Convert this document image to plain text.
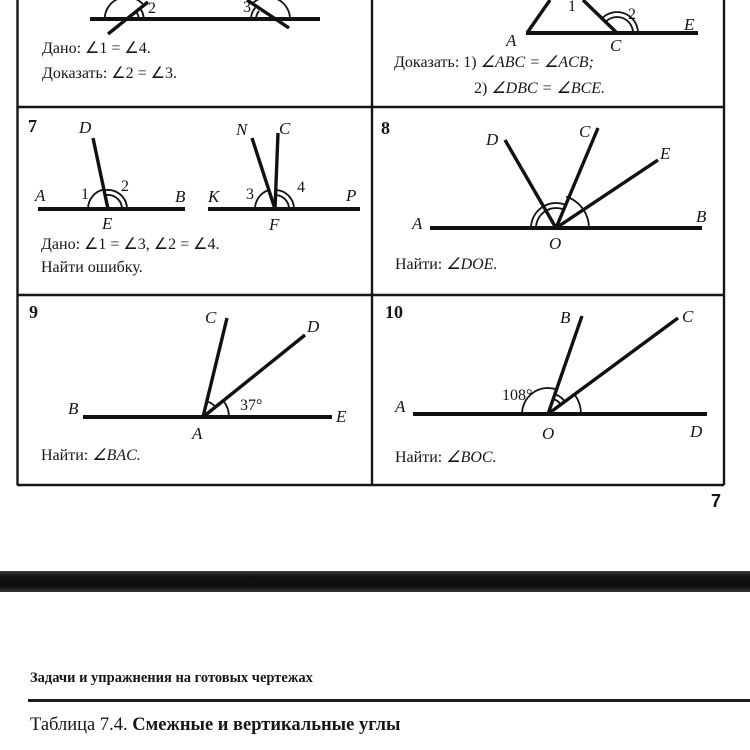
2	3	1	2
A	C
E
D
A	B
E
1 2
N C
K	P
F
3	4
D	C
E
A	B
O
C	D
B	E
A
37°
B	C
A
O	D
108°
Дано: ∠1 = ∠4.
Доказать: ∠2 = ∠3.
Доказать: 1) ∠ABC = ∠ACB;
2) ∠DBC = ∠BCE.
7
Дано: ∠1 = ∠3, ∠2 = ∠4.
Найти ошибку.
8
Найти: ∠DOE.
9
Найти: ∠BAC.
10
Найти: ∠BOC.
7
Задачи и упражнения на готовых чертежах
Таблица 7.4. Смежные и вертикальные углы
